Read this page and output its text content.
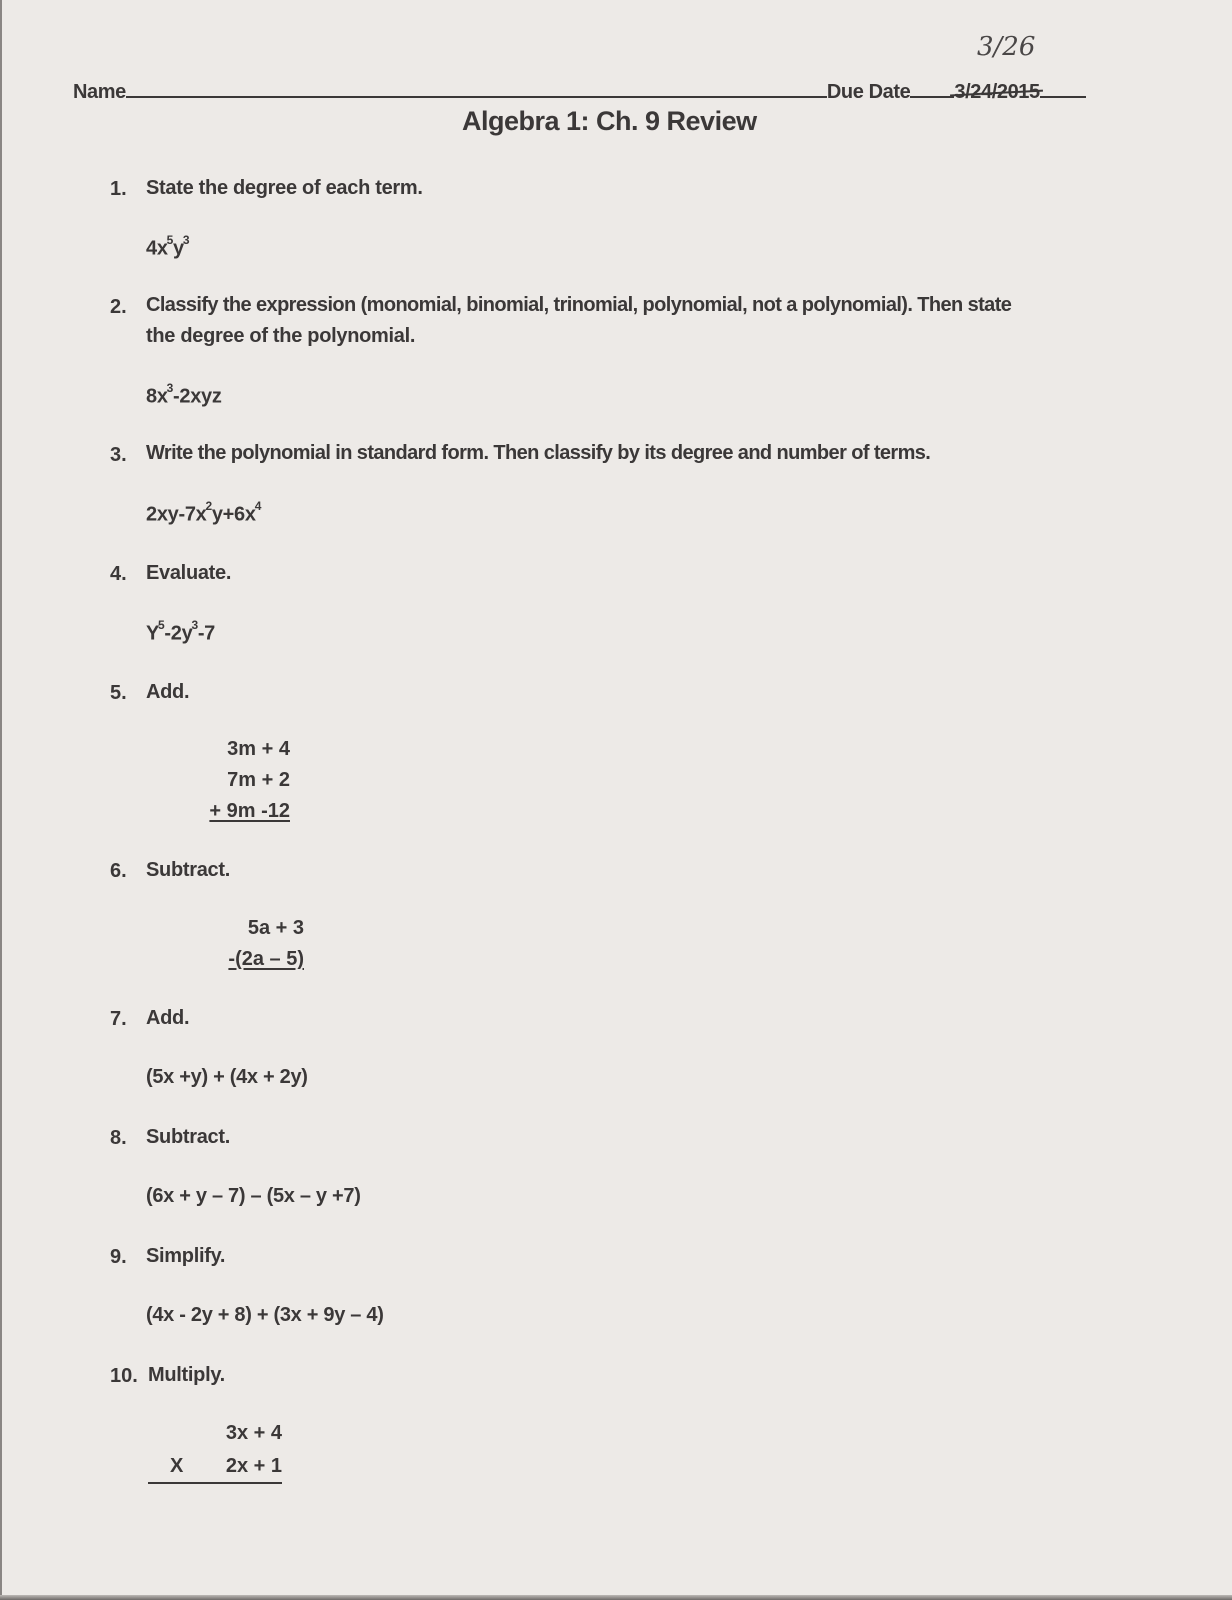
Name	Due Date 3/24/2015
3/26
Algebra 1: Ch. 9 Review
1. State the degree of each term.
$4x^5y^3$
2. Classify the expression (monomial, binomial, trinomial, polynomial, not a polynomial). Then state
the degree of the polynomial.
$8x^3-2xyz$
3. Write the polynomial in standard form. Then classify by its degree and number of terms.
$2xy-7x^2y+6x^4$
4. Evaluate.
$Y^5-2y^3-7$
5. Add.
3m + 4
7m + 2
+ 9m -12
6. Subtract.
5a + 3
-(2a – 5)
7. Add.
(5x +y) + (4x + 2y)
8. Subtract.
(6x + y – 7) – (5x – y +7)
9. Simplify.
(4x - 2y + 8) + (3x + 9y – 4)
10. Multiply.
3x + 4
X 2x + 1
